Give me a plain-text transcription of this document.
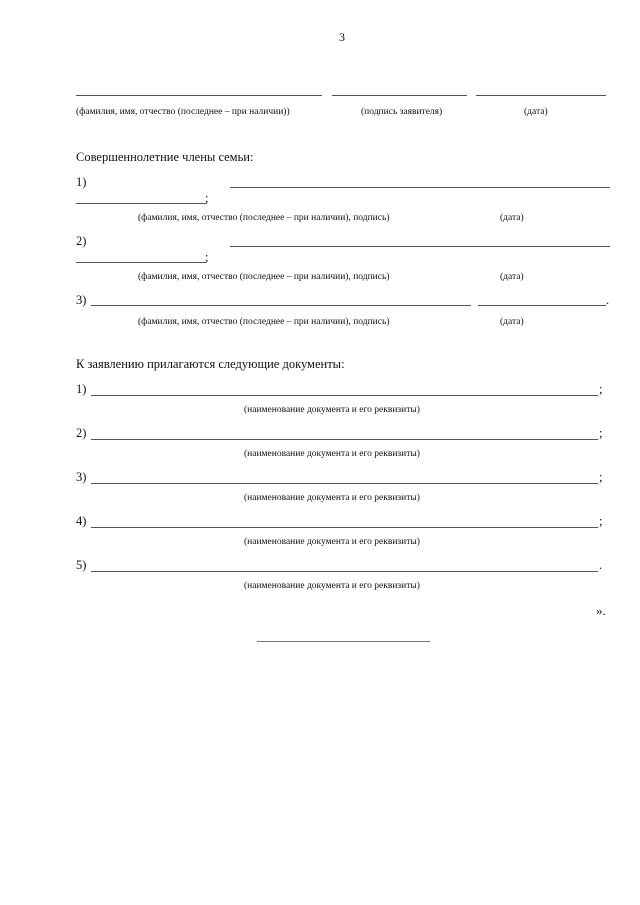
3
(фамилия, имя, отчество (последнее – при наличии))	(подпись заявителя)	(дата)
Совершеннолетние члены семьи:
1)
;
(фамилия, имя, отчество (последнее – при наличии), подпись)	(дата)
2)
;
(фамилия, имя, отчество (последнее – при наличии), подпись)	(дата)
3)	.
(фамилия, имя, отчество (последнее – при наличии), подпись)	(дата)
К заявлению прилагаются следующие документы:
1)	;
(наименование документа и его реквизиты)
2)	;
(наименование документа и его реквизиты)
3)	;
(наименование документа и его реквизиты)
4)	;
(наименование документа и его реквизиты)
5)	.
(наименование документа и его реквизиты)
».
